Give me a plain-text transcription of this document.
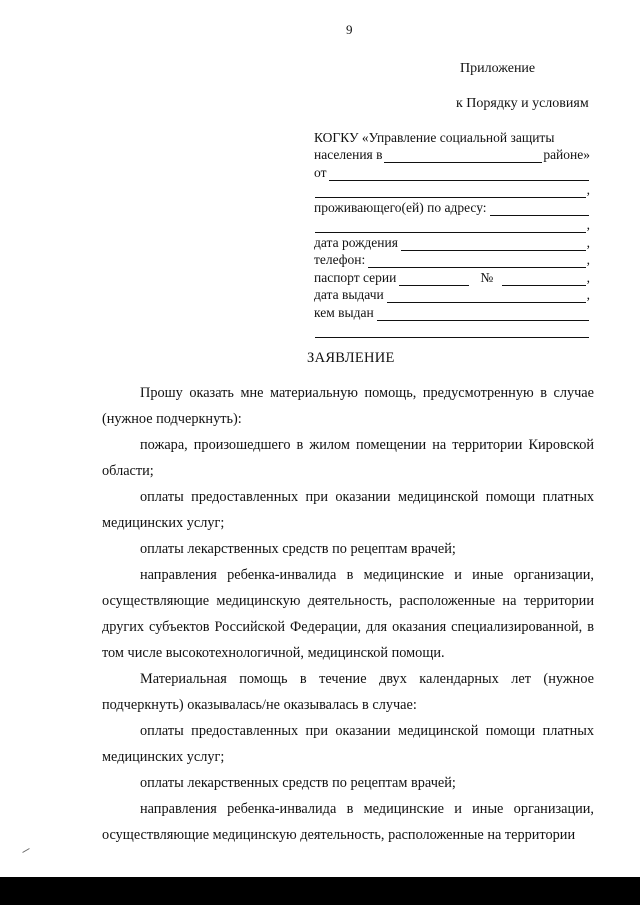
9
Приложение
к Порядку и условиям
КОГКУ «Управление социальной защиты
населения в	районе»
от
,
проживающего(ей) по адресу:
,
дата рождения	,
телефон:	,
паспорт серии	№	,
дата выдачи	,
кем выдан
ЗАЯВЛЕНИЕ

Прошу оказать мне материальную помощь, предусмотренную в случае (нужное подчеркнуть):

пожара, произошедшего в жилом помещении на территории Кировской области;

оплаты предоставленных при оказании медицинской помощи платных медицинских услуг;

оплаты лекарственных средств по рецептам врачей;

направления ребенка-инвалида в медицинские и иные организации, осуществляющие медицинскую деятельность, расположенные на территории других субъектов Российской Федерации, для оказания специализированной, в том числе высокотехнологичной, медицинской помощи.

Материальная помощь в течение двух календарных лет (нужное подчеркнуть) оказывалась/не оказывалась в случае:

оплаты предоставленных при оказании медицинской помощи платных медицинских услуг;

оплаты лекарственных средств по рецептам врачей;

направления ребенка-инвалида в медицинские и иные организации, осуществляющие медицинскую деятельность, расположенные на территории
